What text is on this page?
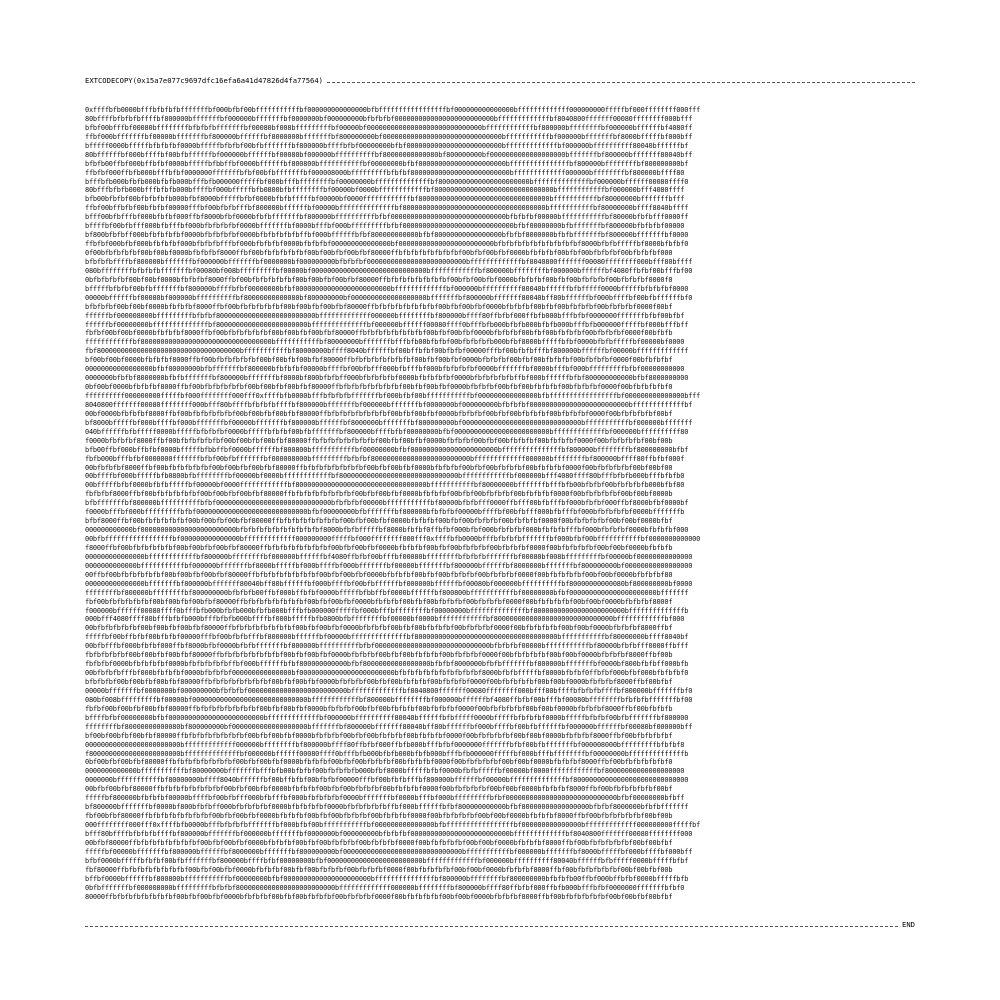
EXTCODECOPY(0x15a7e077c9697dfc16efa6a41d47826d4fa77564)
0xffffbfb0000bfffbfbfbfbfffffffbf000bfbf00bfffffffffffbf000000000000000bfbfffffffffffffffffbf000000000000000bfffffffffffff000000000fffffbf000ffffffff000fff
80bffffbfbfbfbffffbf800000bfffffffbf000000bfffffffbf0000000bf000000000bfbfbfbf0000000000000000000000000bfffffffffffffbf8040800fffffff00080ffffffff000bfff
bfbf00bfffbf00080bffffffffbfbfbfbfffffffbf00080bf008bfffffffffbf00000bf00000000000000000000000000000bffffffffffffbf800000bffffffffbf000000bffffffbf4080ff
ffbf000bfffffffbf00000bfffffffbf800000bffffffbf8000000bfffffffbf800000000bf000000000000000000000000000000bfffffffffffbf000000bfffffffbf8000bfffffbf000bff
bfffff0000bfffffbfbfbfbf0000bfffffbfbfbf00bfbfffffffbf800000bffffbfbf00000000bfbf000000000000000000000000bfffffffffffffbf000000bffffffffff80040bffffffbf
80bffffffbf000bffffbf00bfbffffffbf000000bffffffbf00080bf000000bffffffffffbf80000000000080bf800000000bf0000000000000000000bfffffffbf800000bfffffff80040bff
bfbfb00ffbf000bffbfbf0000bfffffbfbbffbf0000bffffffbf800800bfffffffffffbf00000000bfbf0000000000000000000000bfffffffffffffffbf800000bffffffffbf800000000bf
ffbfbf000ffbfb000bfffbfbf0000000fffffffbfbf00bfbfffffffbf000008000bfffffffffbfbfbf8000000000000000000000000bfffffffffffff000000bffffffffbf800000bffff80
bfffbfb000bfbfb000bfbfb000bfffbfb000000fffffbf000bfffbffffffffbf00000000bffffffffffffffbf80000000000000000000000bffffffffffffffbf000000bffffff00080ffff0
80bfffbfbfb000bfffbfbfb000bffffbf000bfffffbfb0800bfbffffffffbf00000bf0000bffffffffffffbf800000000000000000000000000000bffffffffffffbf000000bfff4080ffff
bfb00bfbfbf00bfbfbfbfb000bfbf8000bfffffbfbf0000bfbfbfffffbf00000bf0000ffffffffffffbf800000000000000000000000000000000bfffffffffffbf80000000bfffffffbfff
ffbf00bffbfbf00bfbfbf00000fffbf00bfbfbfffbf800000bffffffbf00000bffffffffffffffbf800000000000000000000000000000000000bfffffffffffbf80000000bffff8040bffff
bfff00bfbfffbf000bfbfbf000ffbf8000bfbf0000bfbfbfffffffbf800000bffffffffffbfbf00000000000000000000000000000bfbfbfbf00000bfffffffffffbf80000bfbfbfff0000ff
bffffbf00bfbfff000bfbfffbf000bfbfbfbfbf0000bfffffffbf0000bfffbf000bfffffffffbfbf0000000000000000000000000000bfbf00000000bfbfffffffbf800000bfbfbfbf00000
bf800bfbfbff000bfbfbfbfbf0000bfbfbfbfbf0000bfbfbfbfbfbffbf000bffffffbfbf800000000000bfbf80000000000000000bfbfbf8000000bfbfbfffffffbf800000bfffffffbf0000
ffbfbf000bfbf000bfbfbfbf000bfbfbfbfffbf000bfbfbfbf0000bfbfbfbf000000000000000bf000000000000000000000000bfbfbfbfbfbfbfbfbfbfbf8000bfbfbfffffbf8000bfbfbf0
0f00bfbfbfbfbf00bf00bf0000bfbfbfbf8000ffbf00bfbfbfbfbfbf00bf00bfbf00bfbf80000ffbfbfbfbfbfbfbfbf00bfbf00bfbf0000bfbfbfbf00bfbf00bfbfbfbf00bfbfbfbf000
bfbfbfbffffbf800000bfffffffbf000000bfffffffbf0000000bf000000000bfbfbfbf0000000000000000000000000bfffffffffffffbf8040800fffffff00080ffffffff000bfff80bffff
080bffffffffbfbfbfbfffffffbf00080bf008bfffffffffbf00000bf00000000000000000000000000000bffffffffffffbf800000bffffffffbf000000bffffffbf4080ffbfbf00bfffbf00
0bfbfbfbfbf00bf00bf0000bfbfbfbf8000ffbf00bfbfbfbfbfbf00bf00bfbf00bfbf80000ffbfbfbfbfbfbfbfbf00bfbf00bfbf0000bfbfbfbf00bfbf00bfbfbfbf00bfbfbfbf0000f0
bfffffbfbfbf00bfbfffffffbf800000bffffbfbf00000000bfbf000000000000000000000000bfffffffffffffbf000000bffffffffff80040bffffffbfbfffff0000bfffffbfbfbfbf0000
00000bffffffbf00080bf000000bffffffffffbf80000000000080bf800000000bf0000000000000000000bfffffffbf800000bfffffff80040bff80bffffffbf000bffffbf00bfbffffffbf0
bfbfbfbf00bf00bf0000bfbfbfbf8000ffbf00bfbfbfbfbfbf00bf00bfbf00bfbf80000ffbfbfbfbfbfbfbfbf00bfbf00bfbf0000bfbfbfbf00bfbf00bfbfbfbf00bfbfbfbf0000f00bf
ffffffbf000008000bfffffffffbfbfbf8000000000000000000000000bfffffffffffff000000bffffffffbf800000bffff80ffbfbf000ffbfb000bfffbfbf0000000fffffffbfbf00bfbf
ffffffbf00000000bffffffffffffffbf80000000000000000000000bffffffffffffffbf000000bffffff00080ffff0bfffbfb000bfbfb000bfbfb000bfffbfb000000fffffbf000bfffbff
fbfbf00bf00bf0000bfbfbfbf8000ffbf00bfbfbfbfbfbf00bf00bfbf00bfbf80000ffbfbfbfbfbfbfbfbf00bfbf00bfbf0000bfbfbfbf00bfbf00bfbfbfbf00bfbfbfbf0000f00bfbfb
ffffffffffffbf800000000000000000000000000000000bfffffffffffbf80000000bfffffffbfffbfb00bfbfbf00bfbfbfbfb000bfbf8000bfffffbfbf0000bfbfbfffffbf00000bf0000
fbf800000000000000000000000000000000000bfffffffffffbf80000000bffff8040bffffffbf00bffbfbf00bfbfbf00000fffbf00bfbfbfffbf800000bffffffbf00000bfffffffffffff
bf00bf00bf0000bfbfbfbf8000ffbf00bfbfbfbfbfbf00bf00bfbf00bfbf80000ffbfbfbfbfbfbfbfbf00bfbf00bfbf0000bfbfbfbf00bfbf00bfbfbfbf00bfbfbfbf0000f00bfbfbfbf
00000000000000000bfbf00000000bfbfffffffbf800000bfbfbfbf00000bffffbf00bfbfff000bfbfffbf000bfbfbfbfbf0000bfffffffbf0000bfffbf000bfffffffffbfbf00000000000
0000000bfbfbf8000000bfbfbfffffffbf800000bfffffffbf0000bf800bfbfbff000bfbfbfbfbf0000bfbfbfbfbf0000bfbfbfbfbfbffbf000bffffffbfbf800000000000bfbf8000000000
0bf00bf0000bfbfbfbf8000ffbf00bfbfbfbfbfbf00bf00bfbf00bfbf80000ffbfbfbfbfbfbfbfbf00bfbf00bfbf0000bfbfbfbf00bfbf00bfbfbfbf00bfbfbfbf0000f00bfbfbfbfbf0
ffffffffff000000000fffffbf000ffffffff000fff0xffffbfb0000bfffbfbfbfbfffffffbf000bfbf00bfffffffffffbf000000000000000bfbfffffffffffffffffbf000000000000000bfff
8040800fffffff00080ffffffff000bfff80bffffbfbfbfbffffbf800000bfffffffbf000000bfffffffbf0000000bf000000000bfbfbfbf0000000000000000000000000bfffffffffffffbf
00bf0000bfbfbfbf8000ffbf00bfbfbfbfbfbf00bf00bfbf00bfbf80000ffbfbfbfbfbfbfbfbf00bfbf00bfbf0000bfbfbfbf00bfbf00bfbfbfbf00bfbfbfbf0000f00bfbfbfbfbf00bf
bf8000bfffffbf000bffffbf000bfffffffbf00000bfffffffbf800000bffffffbf8000000bfffffffbf800000000bf000000000000000000000000000000bfffffffffffbf000000bfffffff
040bffffffbfbfffff0000bfffffbfbfbfbf0000bfffffbfbfbf00bfbfffffffbf800000bffffbfbf00000000bfbf000000000000000000000000bfffffffffffffbf000000bffffffffff80
f0000bfbfbfbf8000ffbf00bfbfbfbfbfbf00bf00bfbf00bfbf80000ffbfbfbfbfbfbfbfbf00bfbf00bfbf0000bfbfbfbf00bfbf00bfbfbfbf00bfbfbfbf0000f00bfbfbfbfbf00bf00b
bfb00ffbf000bffbfbf0000bfffffbfbbffbf0000bffffffbf800800bfffffffffffbf00000000bfbf0000000000000000000000bfffffffffffffffbf800000bffffffffbf800000000bfbf
fbfb000bfffbfbf0000000fffffffbfbf00bfbfffffffbf000008000bfffffffffbfbfbf8000000000000000000000000bfffffffffffff000000bffffffffbf800000bffff80ffbfbf000f
00bfbfbfbf8000ffbf00bfbfbfbfbfbf00bf00bfbf00bfbf80000ffbfbfbfbfbfbfbfbf00bfbf00bfbf0000bfbfbfbf00bfbf00bfbfbfbf00bfbfbfbf0000f00bfbfbfbfbf00bf00bf00
00bffffbf000bfffffbfb0800bfbffffffffbf00000bf0000bffffffffffffbf800000000000000000000000000000bffffffffffffbf000000bfff4080ffff80bfffbfbfb000bfffbfbfb0
00bfffffbfbf0000bfbfbfffffbf00000bf0000ffffffffffffbf800000000000000000000000000000000bfffffffffffbf80000000bfffffffbfffbfb00bfbfbf00bfbfbfbfb000bfbf80
fbfbfbf8000ffbf00bfbfbfbfbfbf00bf00bfbf00bfbf80000ffbfbfbfbfbfbfbfbf00bfbf00bfbf0000bfbfbfbf00bfbf00bfbfbfbf00bfbfbfbf0000f00bfbfbfbfbf00bf00bf0000b
bfbfffffffbf800000bffffffffffbfbf00000000000000000000000000000bfbfbfbf00000bfffffffffffbf80000bfbfbfff0000ffbfff00bfbfffbf000bfbfbf000ffbf8000bfbf0000bf
f0000bfffbf000bfffffffffbfbf0000000000000000000000000000bfbf00000000bfbfffffffbf800000bfbfbfbf00000bffffbf00bfbfff000bfbfffbf000bfbfbfbfbf0000bfffffffb
bfbf8000ffbf00bfbfbfbfbfbf00bf00bfbf00bfbf80000ffbfbfbfbfbfbfbfbf00bfbf00bfbf0000bfbfbfbf00bfbf00bfbfbfbf00bfbfbfbf0000f00bfbfbfbfbf00bf00bf0000bfbf
000000000000bf000000000000000000000000bfbfbfbfbfbfbfbfbfbfbf8000bfbfbfffffbf8000bfbfbf0ffbfbf000bfbf000bfbfbfbf000bfbfbfbfffbf000bfbfbfbf0000bfbfbfbf000
00bfbfffffffffffffffffbf000000000000000bfffffffffffff000000000fffffbf000ffffffff000fff0xffffbfb0000bfffbfbfbfbfffffffbf000bfbf00bfffffffffffbf0000000000000
f8000ffbf00bfbfbfbfbfbf00bf00bfbf00bfbf80000ffbfbfbfbfbfbfbfbf00bfbf00bfbf0000bfbfbfbf00bfbf00bfbfbfbf00bfbfbfbf0000f00bfbfbfbfbf00bf00bf0000bfbfbfb
000000000000000bffffffffffffbf800000bffffffffbf000000bffffffbf4080ffbfbf00bfffbf00080bffffffffbfbfbfbfffffffbf00080bf008bfffffffffbf00000bf00000000000000
0000000000000bfffffffffffbf000000bfffffffbf8000bfffffbf000bffffbf000bfffffffbf00000bfffffffbf800000bffffffbf8000000bfffffffbf800000000bf00000000000000000
00ffbf00bfbfbfbfbfbf00bf00bfbf00bfbf80000ffbfbfbfbfbfbfbfbf00bfbf00bfbf0000bfbfbfbf00bfbf00bfbfbfbf00bfbfbfbf0000f00bfbfbfbfbf00bf00bf0000bfbfbfbf80
000000000000000bfffffffbf800000bfffffff80040bff80bffffffbf000bffffbf00bfbffffffbf000000bffffffbf00080bf000000bffffffffffbf80000000000080bf800000000bf0000
ffffffffbf800000bffffffffbf800000000bfbfbfb00ffbf000bffbfbf0000bfffffbfbbffbf0000bffffffbf800800bfffffffffffbf00000000bfbf0000000000000000000000bfffffff
fbf00bfbfbfbfbfbf00bf00bfbf00bfbf80000ffbfbfbfbfbfbfbfbf00bfbf00bfbf0000bfbfbfbf00bfbf00bfbfbfbf00bfbfbfbf0000f00bfbfbfbfbf00bf00bf0000bfbfbfbf8000f
f000000bffffff00080ffff0bfffbfb000bfbfb000bfbfb000bfffbfb000000fffffbf000bfffbffffffffbf00000000bffffffffffffffbf80000000000000000000000bffffffffffffffb
000bfff4080ffff80bfffbfbfb000bfffbfbfb000bffffbf000bfffffbfb0800bfbffffffffbf00000bf0000bffffffffffffbf800000000000000000000000000000bffffffffffffbf000
00bfbfbfbfbfbf00bf00bfbf00bfbf80000ffbfbfbfbfbfbfbfbf00bfbf00bfbf0000bfbfbfbf00bfbf00bfbfbfbf00bfbfbfbf0000f00bfbfbfbfbf00bf00bf0000bfbfbfbf8000ffbf
fffffbf00bffbfbf00bfbfbf00000fffbf00bfbfbfffbf800000bffffffbf00000bffffffffffffffbf800000000000000000000000000000000000bfffffffffffbf80000000bffff8040bf
00bfbfffbf000bfbfbf000ffbf8000bfbf0000bfbfbfffffffbf800000bffffffffffbfbf00000000000000000000000000000bfbfbfbf00000bfffffffffffbf80000bfbfbfff0000ffbfff
fbfbfbfbfbf00bf00bfbf00bfbf80000ffbfbfbfbfbfbfbfbf00bfbf00bfbf0000bfbfbfbf00bfbf00bfbfbfbf00bfbfbfbf0000f00bfbfbfbfbf00bf00bf0000bfbfbfbf8000ffbf00b
fbfbfbf0000bfbfbfbfbf0000bfbfbfbfbfbffbf000bffffffbfbf800000000000bfbf80000000000000000bfbfbf8000000bfbfbfffffffbf800000bfffffffbf0000bf800bfbfbff000bfb
00bfbfbfbfffbf000bfbfbfbf0000bfbfbfbf000000000000000bf000000000000000000000000bfbfbfbfbfbfbfbfbfbfbf8000bfbfbfffffbf8000bfbfbf0ffbfbf000bfbf000bfbfbfbf0
bfbfbfbf00bf00bfbf00bfbf80000ffbfbfbfbfbfbfbfbf00bfbf00bfbf0000bfbfbfbf00bfbf00bfbfbfbf00bfbfbfbf0000f00bfbfbfbfbf00bf00bf0000bfbfbfbf8000ffbf00bfbf
00000bfffffffbf0000000bf000000000bfbfbfbf0000000000000000000000000bfffffffffffffbf8040800fffffff00080ffffffff000bfff80bffffbfbfbfbffffbf800000bfffffffbf0
080bf008bfffffffffbf00000bf00000000000000000000000000000bffffffffffffbf800000bffffffffbf000000bffffffbf4080ffbfbf00bfffbf00080bffffffffbfbfbfbfffffffbf00
fbfbf00bf00bfbf00bfbf80000ffbfbfbfbfbfbfbfbf00bfbf00bfbf0000bfbfbfbf00bfbf00bfbfbfbf00bfbfbfbf0000f00bfbfbfbfbf00bf00bf0000bfbfbfbf8000ffbf00bfbfbfb
bffffbfbf00000000bfbf000000000000000000000000bfffffffffffffbf000000bffffffffff80040bffffffbfbfffff0000bfffffbfbfbfbf0000bfffffbfbfbf00bfbfffffffbf800000
ffffffffbf80000000000080bf800000000bf0000000000000000000bfffffffbf800000bfffffff80040bff80bffffffbf000bffffbf00bfbffffffbf000000bffffffbf00080bf000000bff
bf00bf00bfbf00bfbf80000ffbfbfbfbfbfbfbfbf00bfbf00bfbf0000bfbfbfbf00bfbf00bfbfbfbf00bfbfbfbf0000f00bfbfbfbfbf00bf00bf0000bfbfbfbf8000ffbf00bfbfbfbfbf
000000000000000000000000bfffffffffffff000000bffffffffbf800000bffff80ffbfbf000ffbfb000bfffbfbf0000000fffffffbfbf00bfbfffffffbf000008000bfffffffffbfbfbf8
f80000000000000000000000bffffffffffffffbf000000bffffff00080ffff0bfffbfb000bfbfb000bfbfb000bfffbfb000000fffffbf000bfffbffffffffbf00000000bffffffffffffffb
0bf00bfbf00bfbf80000ffbfbfbfbfbfbfbfbf00bfbf00bfbf0000bfbfbfbf00bfbf00bfbfbfbf00bfbfbfbf0000f00bfbfbfbfbf00bf00bf0000bfbfbfbf8000ffbf00bfbfbfbfbfbf0
0000000000000bfffffffffffbf80000000bfffffffbfffbfb00bfbfbf00bfbfbfbfb000bfbf8000bfffffbfbf0000bfbfbfffffbf00000bf0000ffffffffffffbf80000000000000000000
0000000bfffffffffffbf80000000bffff8040bffffffbf00bffbfbf00bfbfbf00000fffbf00bfbfbfffbf800000bffffffbf00000bffffffffffffffbf80000000000000000000000000000
00bfbf00bfbf80000ffbfbfbfbfbfbfbfbf00bfbf00bfbf0000bfbfbfbf00bfbf00bfbfbfbf00bfbfbfbf0000f00bfbfbfbfbf00bf00bf0000bfbfbfbf8000ffbf00bfbfbfbfbfbf00bf
fffffbf800000bfbfbfbf00000bffffbf00bfbfff000bfbfffbf000bfbfbfbfbf0000bfffffffbf0000bfffbf000bfffffffffbfbf0000000000000000000000000000bfbf00000000bfbff
bf800000bfffffffbf0000bf800bfbfbff000bfbfbfbfbf0000bfbfbfbfbf0000bfbfbfbfbfbffbf000bffffffbfbf800000000000bfbf80000000000000000bfbfbf8000000bfbfbfffffff
fbf00bfbf80000ffbfbfbfbfbfbfbfbf00bfbf00bfbf0000bfbfbfbf00bfbf00bfbfbfbf00bfbfbfbf0000f00bfbfbfbfbf00bf00bf0000bfbfbfbf8000ffbf00bfbfbfbfbfbf00bf00b
000ffffffff000fff0xffffbfb0000bfffbfbfbfbfffffffbf000bfbf00bfffffffffffbf000000000000000bfbfffffffffffffffffbf000000000000000bfffffffffffff000000000fffffbf
bfff80bffffbfbfbfbffffbf800000bfffffffbf000000bfffffffbf0000000bf000000000bfbfbfbf0000000000000000000000000bfffffffffffffbf8040800fffffff00080ffffffff000
00bfbf80000ffbfbfbfbfbfbfbfbf00bfbf00bfbf0000bfbfbfbf00bfbf00bfbfbfbf00bfbfbfbf0000f00bfbfbfbfbf00bf00bf0000bfbfbfbf8000ffbf00bfbfbfbfbfbf00bf00bfbf
fffffbf00000bfffffffbf800000bffffffbf8000000bfffffffbf800000000bf000000000000000000000000000000bfffffffffffbf000000bfffffffbf8000bfffffbf000bffffbf000bff
bfbf0000bfffffbfbfbf00bfbfffffffbf800000bffffbfbf00000000bfbf000000000000000000000000bfffffffffffffbf000000bffffffffff80040bffffffbfbfffff0000bfffffbfbf
fbf80000ffbfbfbfbfbfbfbfbf00bfbf00bfbf0000bfbfbfbf00bfbf00bfbfbfbf00bfbfbfbf0000f00bfbfbfbfbf00bf00bf0000bfbfbfbf8000ffbf00bfbfbfbfbfbf00bf00bfbf00b
bffbf0000bffffffbf800800bfffffffffffbf00000000bfbf0000000000000000000000bfffffffffffffffbf800000bffffffffbf800000000bfbfbfb00ffbf000bffbfbf0000bfffffbfb
0bfbfffffffbf000008000bfffffffffbfbfbf8000000000000000000000000bfffffffffffff000000bffffffffbf800000bffff80ffbfbf000ffbfb000bfffbfbf0000000fffffffbfbf0
80000ffbfbfbfbfbfbfbfbf00bfbf00bfbf0000bfbfbfbf00bfbf00bfbfbfbf00bfbfbfbf0000f00bfbfbfbfbf00bf00bf0000bfbfbfbf8000ffbf00bfbfbfbfbfbf00bf00bfbf00bfbf
END
